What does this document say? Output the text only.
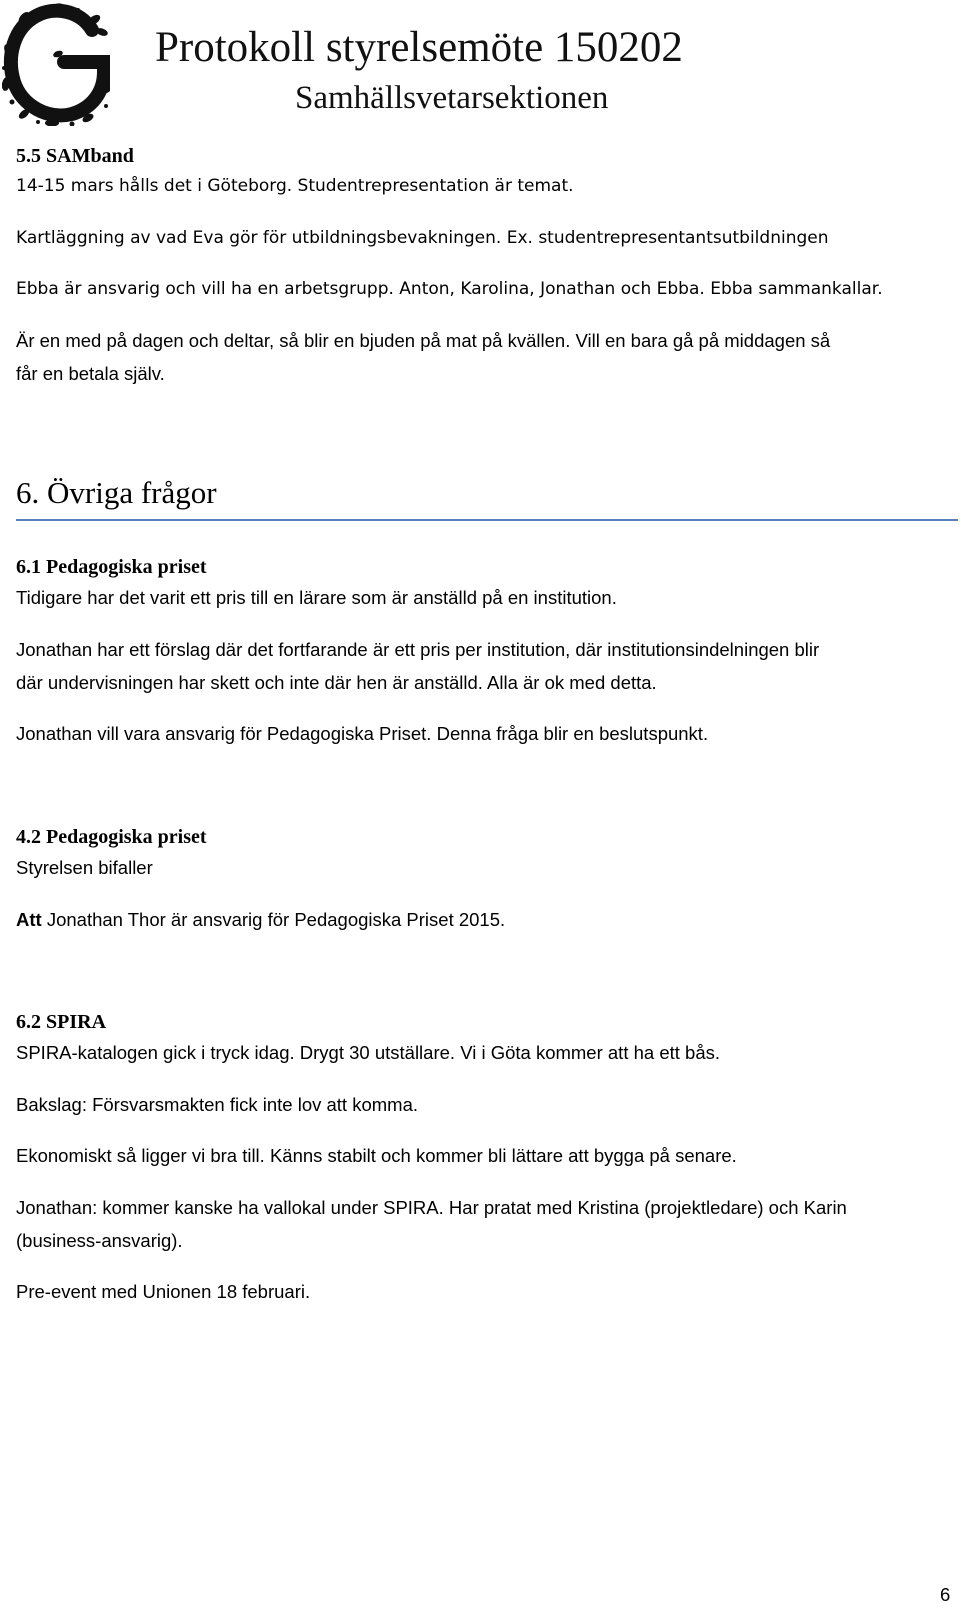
Protokoll styrelsemöte 150202
Samhällsvetarsektionen
5.5 SAMband
14-15 mars hålls det i Göteborg. Studentrepresentation är temat.
Kartläggning av vad Eva gör för utbildningsbevakningen. Ex. studentrepresentantsutbildningen
Ebba är ansvarig och vill ha en arbetsgrupp. Anton, Karolina, Jonathan och Ebba. Ebba sammankallar.
Är en med på dagen och deltar, så blir en bjuden på mat på kvällen. Vill en bara gå på middagen så
får en betala själv.
6. Övriga frågor
6.1 Pedagogiska priset
Tidigare har det varit ett pris till en lärare som är anställd på en institution.
Jonathan har ett förslag där det fortfarande är ett pris per institution, där institutionsindelningen blir
där undervisningen har skett och inte där hen är anställd. Alla är ok med detta.
Jonathan vill vara ansvarig för Pedagogiska Priset. Denna fråga blir en beslutspunkt.
4.2 Pedagogiska priset
Styrelsen bifaller
Att Jonathan Thor är ansvarig för Pedagogiska Priset 2015.
6.2 SPIRA
SPIRA-katalogen gick i tryck idag. Drygt 30 utställare. Vi i Göta kommer att ha ett bås.
Bakslag: Försvarsmakten fick inte lov att komma.
Ekonomiskt så ligger vi bra till. Känns stabilt och kommer bli lättare att bygga på senare.
Jonathan: kommer kanske ha vallokal under SPIRA. Har pratat med Kristina (projektledare) och Karin
(business-ansvarig).
Pre-event med Unionen 18 februari.
6
